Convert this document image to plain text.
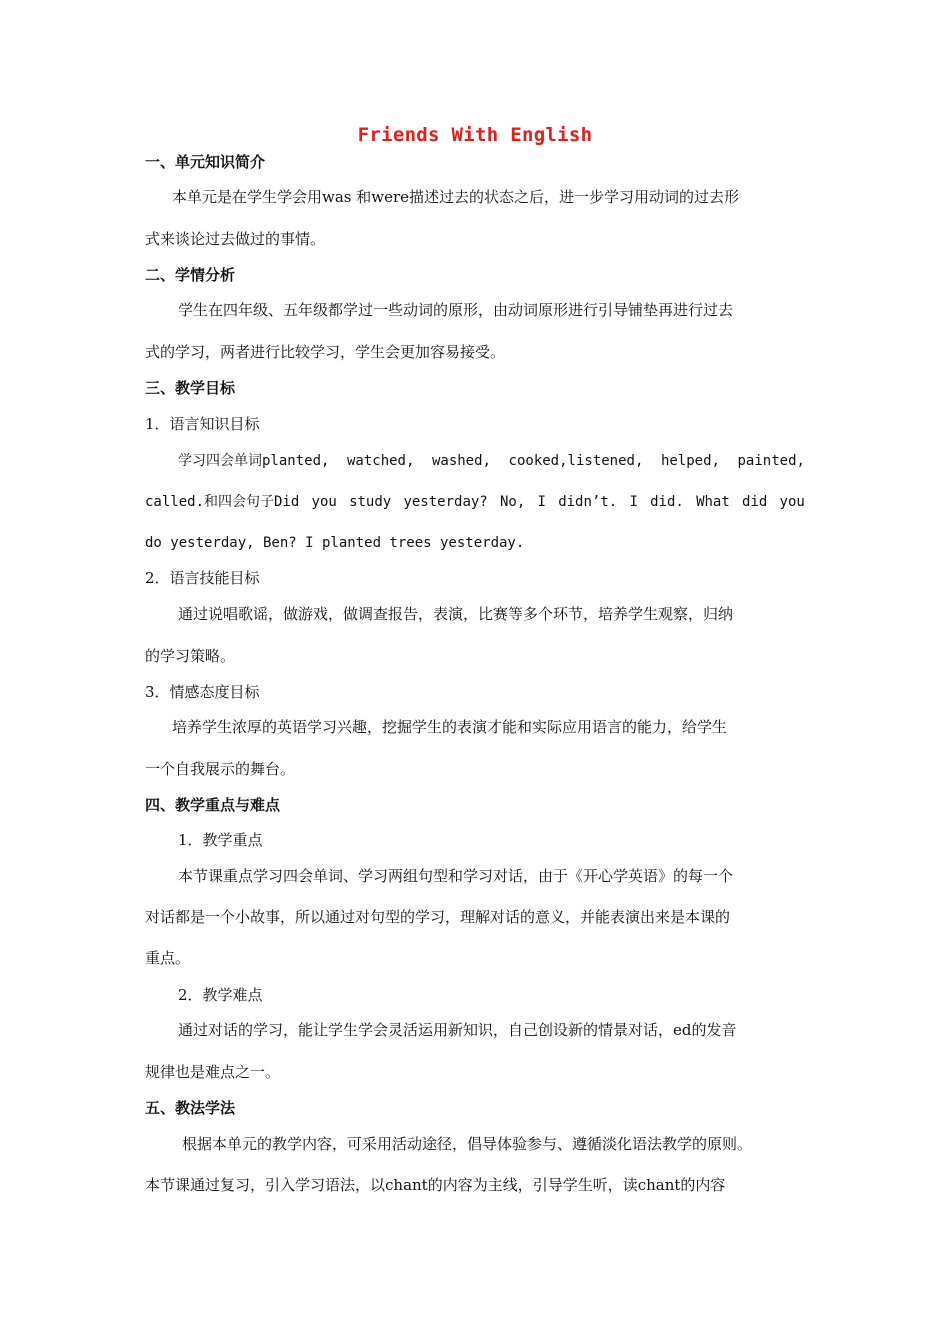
Friends With English
一、单元知识简介
本单元是在学生学会用was 和were描述过去的状态之后，进一步学习用动词的过去形
式来谈论过去做过的事情。
二、学情分析
学生在四年级、五年级都学过一些动词的原形，由动词原形进行引导铺垫再进行过去
式的学习，两者进行比较学习，学生会更加容易接受。
三、教学目标
1．语言知识目标
学习四会单词planted, watched, washed, cooked,listened, helped, painted,
called.和四会句子Did you study yesterday? No, I didn’t. I did. What did you
do yesterday, Ben? I planted trees yesterday.
2．语言技能目标
通过说唱歌谣，做游戏，做调查报告，表演，比赛等多个环节，培养学生观察，归纳
的学习策略。
3．情感态度目标
培养学生浓厚的英语学习兴趣，挖掘学生的表演才能和实际应用语言的能力，给学生
一个自我展示的舞台。
四、教学重点与难点
1．教学重点
本节课重点学习四会单词、学习两组句型和学习对话，由于《开心学英语》的每一个
对话都是一个小故事，所以通过对句型的学习，理解对话的意义，并能表演出来是本课的
重点。
2．教学难点
通过对话的学习，能让学生学会灵活运用新知识，自己创设新的情景对话，ed的发音
规律也是难点之一。
五、教法学法
根据本单元的教学内容，可采用活动途径，倡导体验参与、遵循淡化语法教学的原则。
本节课通过复习，引入学习语法，以chant的内容为主线，引导学生听，读chant的内容
